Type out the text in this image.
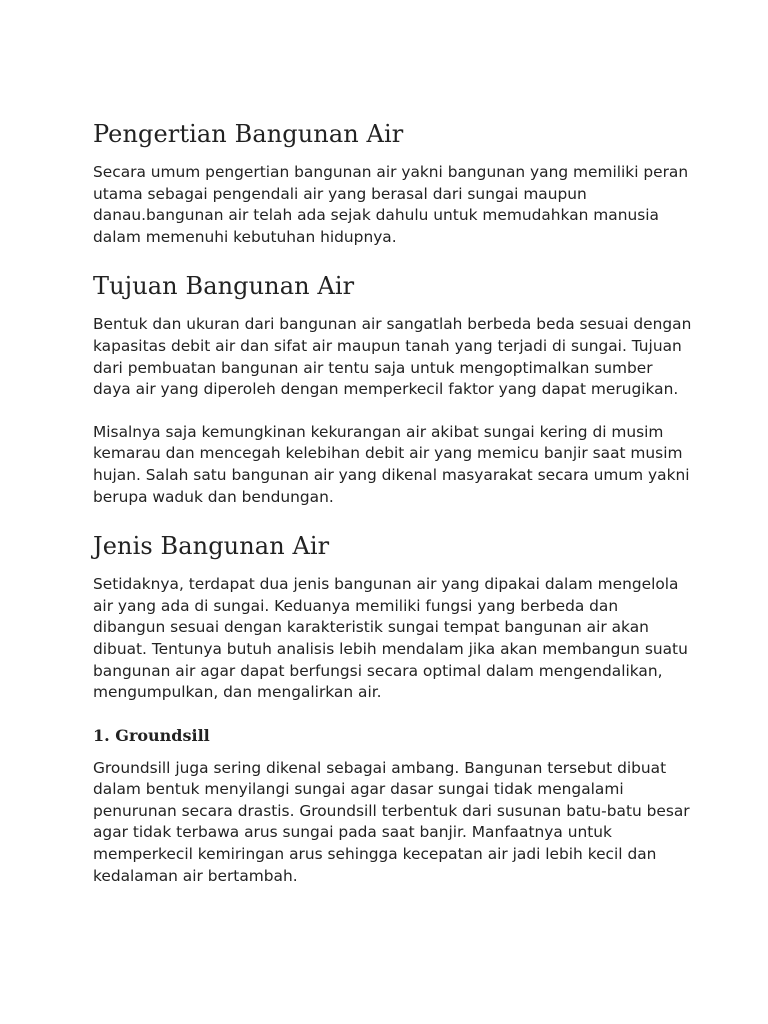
Pengertian Bangunan Air

Secara umum pengertian bangunan air yakni bangunan yang memiliki peran utama sebagai pengendali air yang berasal dari sungai maupun danau.bangunan air telah ada sejak dahulu untuk memudahkan manusia dalam memenuhi kebutuhan hidupnya.

Tujuan Bangunan Air

Bentuk dan ukuran dari bangunan air sangatlah berbeda beda sesuai dengan kapasitas debit air dan sifat air maupun tanah yang terjadi di sungai. Tujuan dari pembuatan bangunan air tentu saja untuk mengoptimalkan sumber daya air yang diperoleh dengan memperkecil faktor yang dapat merugikan.

Misalnya saja kemungkinan kekurangan air akibat sungai kering di musim kemarau dan mencegah kelebihan debit air yang memicu banjir saat musim hujan. Salah satu bangunan air yang dikenal masyarakat secara umum yakni berupa waduk dan bendungan.

Jenis Bangunan Air

Setidaknya, terdapat dua jenis bangunan air yang dipakai dalam mengelola air yang ada di sungai. Keduanya memiliki fungsi yang berbeda dan dibangun sesuai dengan karakteristik sungai tempat bangunan air akan dibuat. Tentunya butuh analisis lebih mendalam jika akan membangun suatu bangunan air agar dapat berfungsi secara optimal dalam mengendalikan, mengumpulkan, dan mengalirkan air.

1. Groundsill

Groundsill juga sering dikenal sebagai ambang. Bangunan tersebut dibuat dalam bentuk menyilangi sungai agar dasar sungai tidak mengalami penurunan secara drastis. Groundsill terbentuk dari susunan batu-batu besar agar tidak terbawa arus sungai pada saat banjir. Manfaatnya untuk memperkecil kemiringan arus sehingga kecepatan air jadi lebih kecil dan kedalaman air bertambah.
